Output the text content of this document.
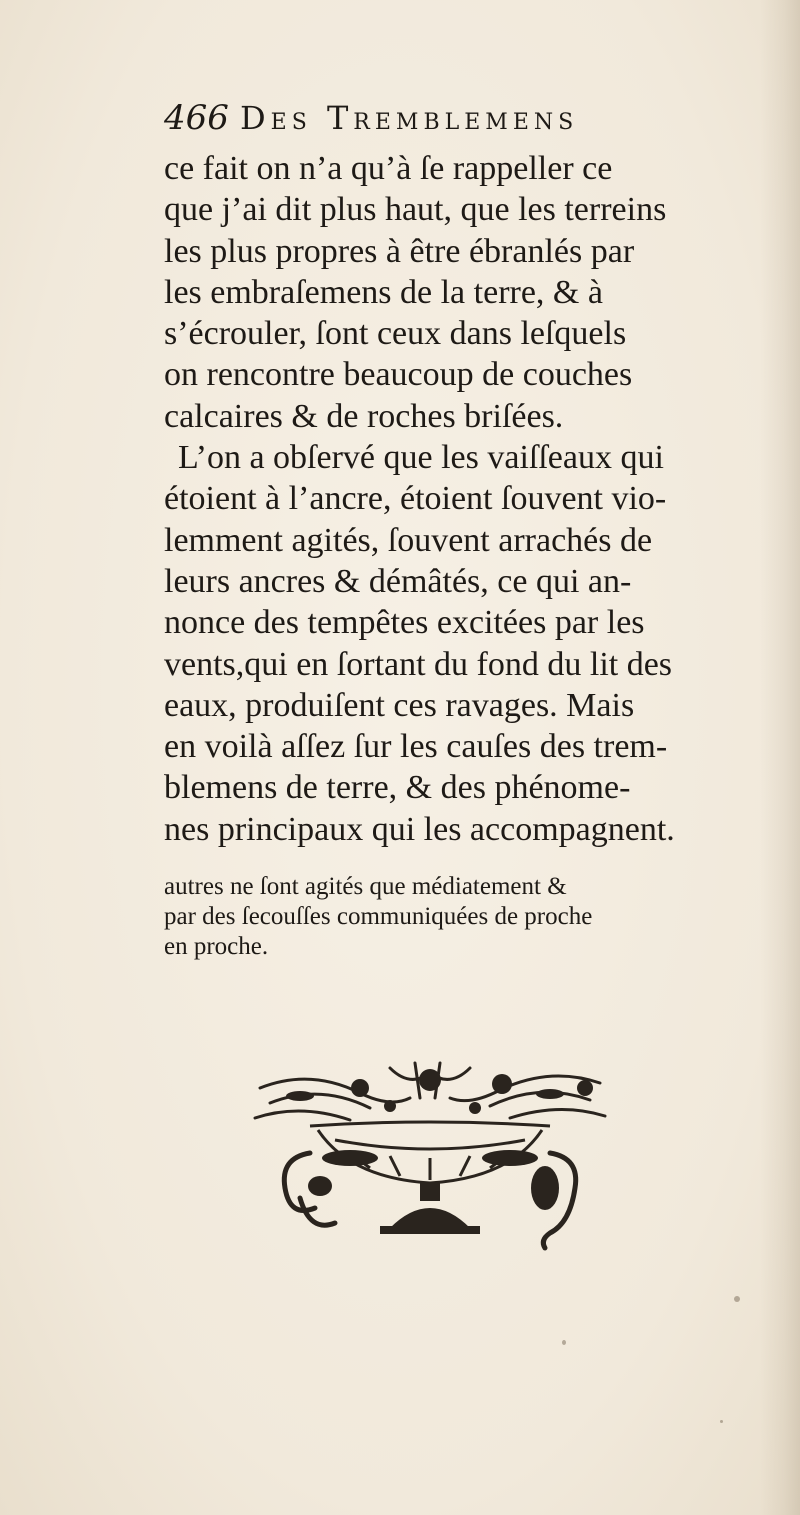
466 Des Tremblemens
ce fait on n’a qu’à ſe rappeller ce
que j’ai dit plus haut, que les terreins
les plus propres à être ébranlés par
les embraſemens de la terre, & à
s’écrouler, ſont ceux dans leſquels
on rencontre beaucoup de couches
calcaires & de roches briſées.
L’on a obſervé que les vaiſſeaux qui
étoient à l’ancre, étoient ſouvent vio-
lemment agités, ſouvent arrachés de
leurs ancres & démâtés, ce qui an-
nonce des tempêtes excitées par les
vents,qui en ſortant du fond du lit des
eaux, produiſent ces ravages. Mais
en voilà aſſez ſur les cauſes des trem-
blemens de terre, & des phénome-
nes principaux qui les accompagnent.
autres ne ſont agités que médiatement &
par des ſecouſſes communiquées de proche
en proche.
